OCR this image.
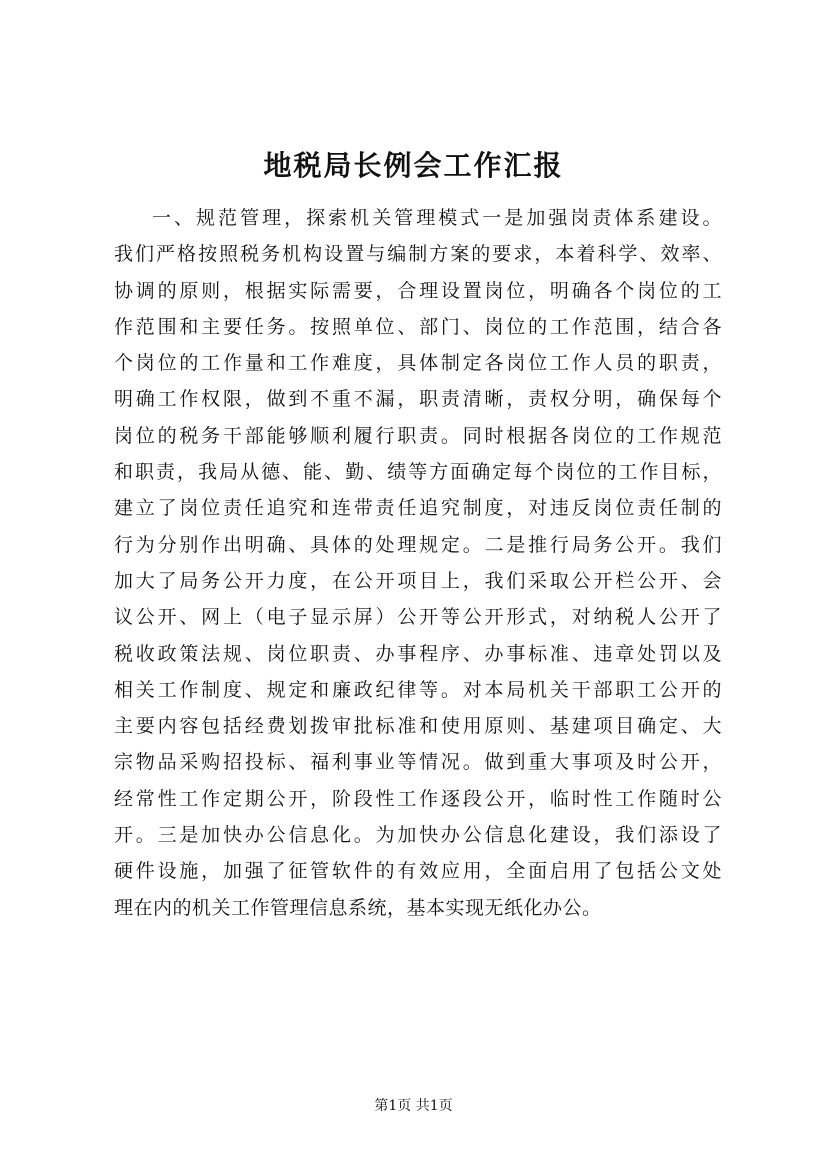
地税局长例会工作汇报
一、规范管理，探索机关管理模式一是加强岗责体系建设。
我们严格按照税务机构设置与编制方案的要求，本着科学、效率、
协调的原则，根据实际需要，合理设置岗位，明确各个岗位的工
作范围和主要任务。按照单位、部门、岗位的工作范围，结合各
个岗位的工作量和工作难度，具体制定各岗位工作人员的职责，
明确工作权限，做到不重不漏，职责清晰，责权分明，确保每个
岗位的税务干部能够顺利履行职责。同时根据各岗位的工作规范
和职责，我局从德、能、勤、绩等方面确定每个岗位的工作目标，
建立了岗位责任追究和连带责任追究制度，对违反岗位责任制的
行为分别作出明确、具体的处理规定。二是推行局务公开。我们
加大了局务公开力度，在公开项目上，我们采取公开栏公开、会
议公开、网上（电子显示屏）公开等公开形式，对纳税人公开了
税收政策法规、岗位职责、办事程序、办事标准、违章处罚以及
相关工作制度、规定和廉政纪律等。对本局机关干部职工公开的
主要内容包括经费划拨审批标准和使用原则、基建项目确定、大
宗物品采购招投标、福利事业等情况。做到重大事项及时公开，
经常性工作定期公开，阶段性工作逐段公开，临时性工作随时公
开。三是加快办公信息化。为加快办公信息化建设，我们添设了
硬件设施，加强了征管软件的有效应用，全面启用了包括公文处
理在内的机关工作管理信息系统，基本实现无纸化办公。
第1页 共1页
